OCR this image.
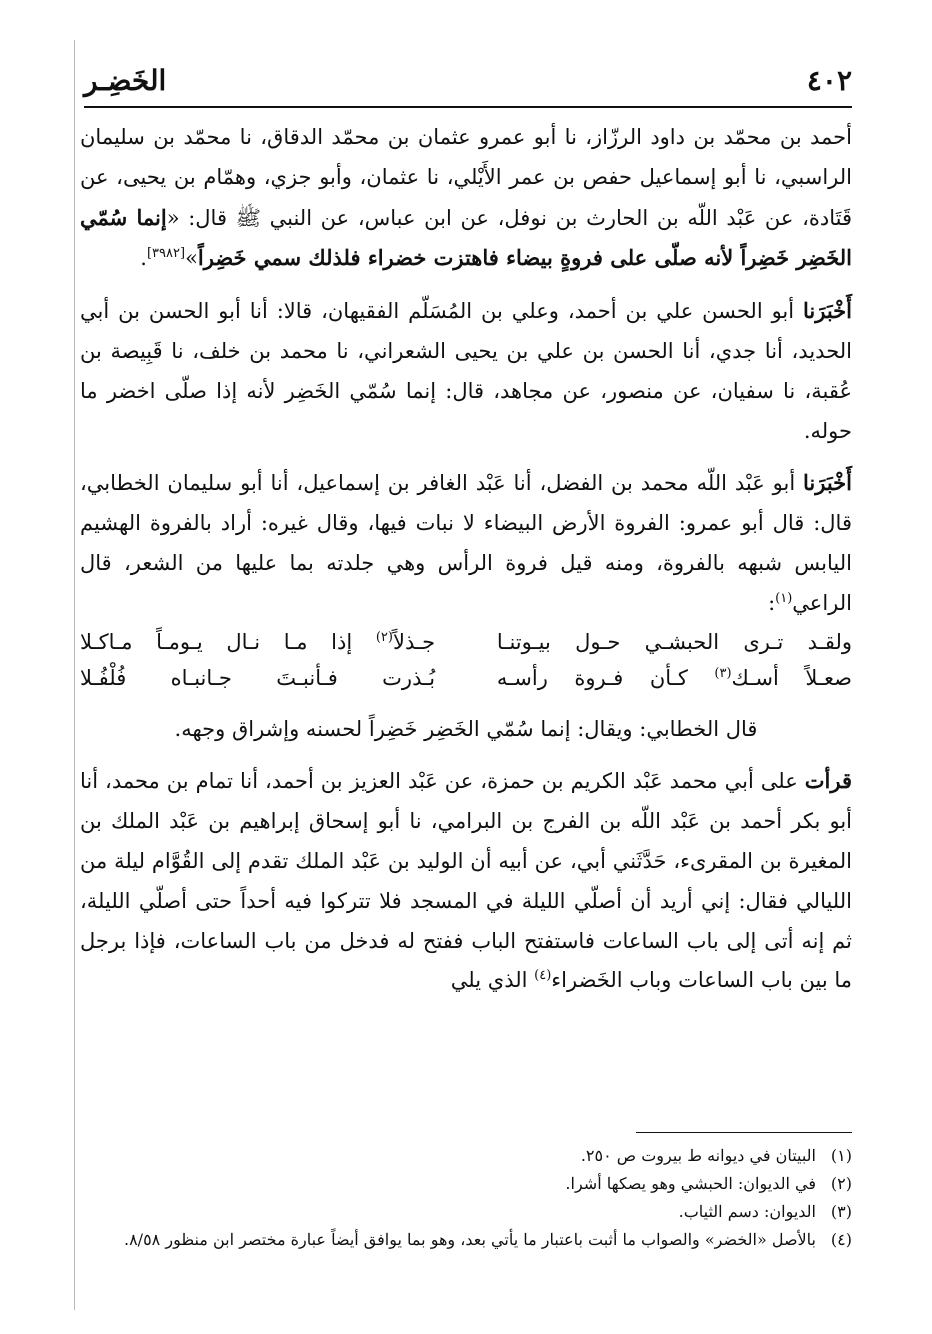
الخَضِـر	٤٠٢

أحمد بن محمّد بن داود الرزّاز، نا أبو عمرو عثمان بن محمّد الدقاق، نا محمّد بن سليمان الراسبي، نا أبو إسماعيل حفص بن عمر الأَيْلي، نا عثمان، وأبو جزي، وهمّام بن يحيى، عن قَتَادة، عن عَبْد اللّه بن الحارث بن نوفل، عن ابن عباس، عن النبي ﷺ قال: «إنما سُمّي الخَضِر خَضِراً لأنه صلّى على فروةٍ بيضاء فاهتزت خضراء فلذلك سمي خَضِراً»[٣٩٨٢].

أَخْبَرَنا أبو الحسن علي بن أحمد، وعلي بن المُسَلّم الفقيهان، قالا: أنا أبو الحسن بن أبي الحديد، أنا جدي، أنا الحسن بن علي بن يحيى الشعراني، نا محمد بن خلف، نا قَبِيصة بن عُقبة، نا سفيان، عن منصور، عن مجاهد، قال: إنما سُمّي الخَضِر لأنه إذا صلّى اخضر ما حوله.

أَخْبَرَنا أبو عَبْد اللّه محمد بن الفضل، أنا عَبْد الغافر بن إسماعيل، أنا أبو سليمان الخطابي، قال: قال أبو عمرو: الفروة الأرض البيضاء لا نبات فيها، وقال غيره: أراد بالفروة الهشيم اليابس شبهه بالفروة، ومنه قيل فروة الرأس وهي جلدته بما عليها من الشعر، قال الراعي$^{(١)}$:

ولقـد تـرى الحبشـي حـول بيـوتنـا
جـذلاً$^{(٢)}$ إذا مـا نـال يـومـاً مـاكـلا
صعـلاً أسـك$^{(٣)}$ كـأن فـروة رأسـه
بُـذرت فـأنبـتَ جـانبـاه فُلْفُـلا

قال الخطابي: ويقال: إنما سُمّي الخَضِر خَضِراً لحسنه وإشراق وجهه.

قرأت على أبي محمد عَبْد الكريم بن حمزة، عن عَبْد العزيز بن أحمد، أنا تمام بن محمد، أنا أبو بكر أحمد بن عَبْد اللّه بن الفرج بن البرامي، نا أبو إسحاق إبراهيم بن عَبْد الملك بن المغيرة بن المقرىء، حَدَّثَني أبي، عن أبيه أن الوليد بن عَبْد الملك تقدم إلى القُوَّام ليلة من الليالي فقال: إني أريد أن أصلّي الليلة في المسجد فلا تتركوا فيه أحداً حتى أصلّي الليلة، ثم إنه أتى إلى باب الساعات فاستفتح الباب ففتح له فدخل من باب الساعات، فإذا برجل ما بين باب الساعات وباب الخَضراء$^{(٤)}$ الذي يلي

(١)
البيتان في ديوانه ط بيروت ص ٢٥٠.
(٢)
في الديوان: الحبشي وهو يصكها أشرا.
(٣)
الديوان: دسم الثياب.
(٤)
بالأصل «الخضر» والصواب ما أثبت باعتبار ما يأتي بعد، وهو بما يوافق أيضاً عبارة مختصر ابن منظور ٨/٥٨.
